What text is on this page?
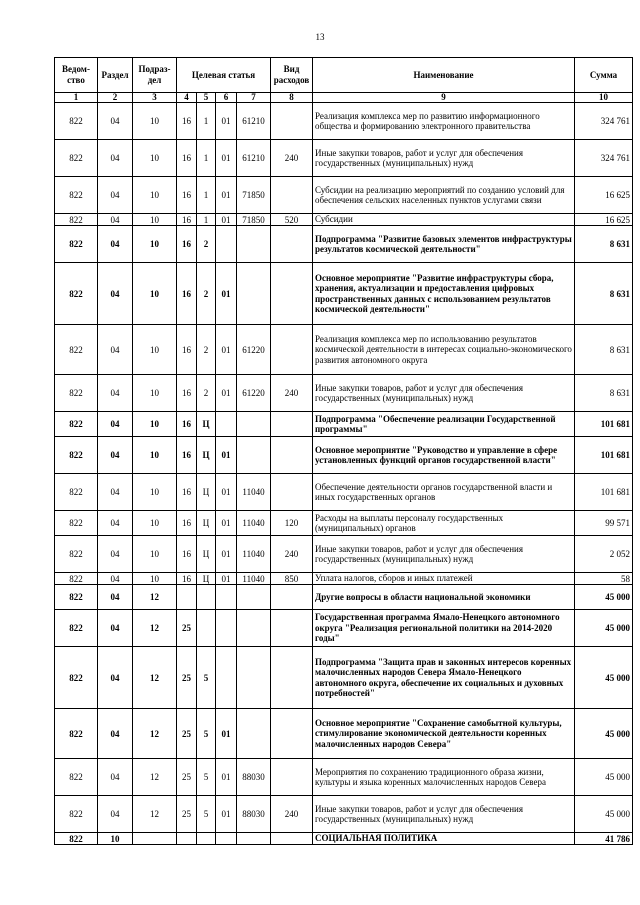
13
Ведом-ство	Раздел	Подраз-дел	Целевая статья				Вид расходов	Наименование	Сумма
1	2	3	4	5	6	7	8	9	10
822	04	10	16	1	01	61210		Реализация комплекса мер по развитию информационного общества и формированию электронного правительства	324 761
822	04	10	16	1	01	61210	240	Иные закупки товаров, работ и услуг для обеспечения государственных (муниципальных) нужд	324 761
822	04	10	16	1	01	71850		Субсидии на реализацию мероприятий по созданию условий для обеспечения сельских населенных пунктов услугами связи	16 625
822	04	10	16	1	01	71850	520	Субсидии	16 625
822	04	10	16	2				Подпрограмма "Развитие базовых элементов инфраструктуры результатов космической деятельности"	8 631
822	04	10	16	2	01			Основное мероприятие "Развитие инфраструктуры сбора, хранения, актуализации и предоставления цифровых пространственных данных с использованием результатов космической деятельности"	8 631
822	04	10	16	2	01	61220		Реализация комплекса мер по использованию результатов космической деятельности в интересах социально-экономического развития автономного округа	8 631
822	04	10	16	2	01	61220	240	Иные закупки товаров, работ и услуг для обеспечения государственных (муниципальных) нужд	8 631
822	04	10	16	Ц				Подпрограмма "Обеспечение реализации Государственной программы"	101 681
822	04	10	16	Ц	01			Основное мероприятие "Руководство и управление в сфере установленных функций органов государственной власти"	101 681
822	04	10	16	Ц	01	11040		Обеспечение деятельности органов государственной власти и иных государственных органов	101 681
822	04	10	16	Ц	01	11040	120	Расходы на выплаты персоналу государственных (муниципальных) органов	99 571
822	04	10	16	Ц	01	11040	240	Иные закупки товаров, работ и услуг для обеспечения государственных (муниципальных) нужд	2 052
822	04	10	16	Ц	01	11040	850	Уплата налогов, сборов и иных платежей	58
822	04	12						Другие вопросы в области национальной экономики	45 000
822	04	12	25					Государственная программа Ямало-Ненецкого автономного округа "Реализация региональной политики на 2014-2020 годы"	45 000
822	04	12	25	5				Подпрограмма "Защита прав и законных интересов коренных малочисленных народов Севера Ямало-Ненецкого автономного округа, обеспечение их социальных и духовных потребностей"	45 000
822	04	12	25	5	01			Основное мероприятие "Сохранение самобытной культуры, стимулирование экономической деятельности коренных малочисленных народов Севера"	45 000
822	04	12	25	5	01	88030		Мероприятия по сохранению традиционного образа жизни, культуры и языка коренных малочисленных народов Севера	45 000
822	04	12	25	5	01	88030	240	Иные закупки товаров, работ и услуг для обеспечения государственных (муниципальных) нужд	45 000
822	10							СОЦИАЛЬНАЯ ПОЛИТИКА	41 786
